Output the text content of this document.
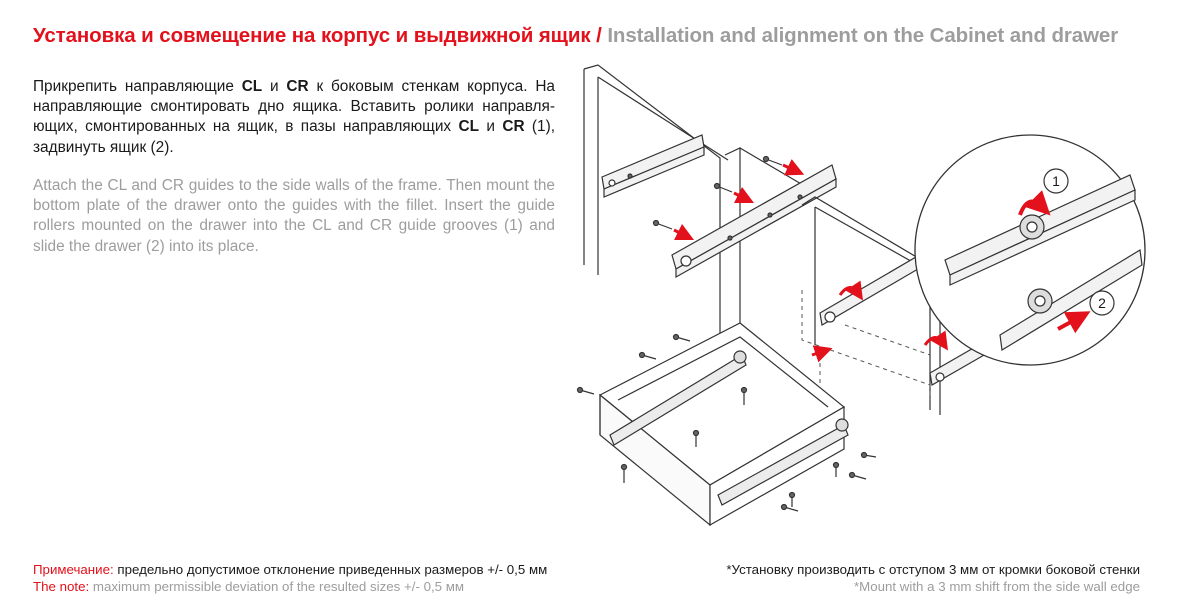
Установка и совмещение на корпус и выдвижной ящик / Installation and alignment on the Cabinet and drawer
Прикрепить направляющие CL и CR к боковым стенкам корпуса. На направляющие смонтировать дно ящика. Вставить ролики направля-ющих, смонтированных на ящик, в пазы направляющих CL и CR (1), задвинуть ящик (2).
Attach the CL and CR guides to the side walls of the frame. Then mount the bottom plate of the drawer onto the guides with the fillet. Insert the guide rollers mounted on the drawer into the CL and CR guide grooves (1) and slide the drawer (2) into its place.
Примечание: предельно допустимое отклонение приведенных размеров +/- 0,5 мм
The note: maximum permissible deviation of the resulted sizes +/- 0,5 мм
*Установку производить с отступом 3 мм от кромки боковой стенки
*Mount with a 3 mm shift from the side wall edge
1
2
